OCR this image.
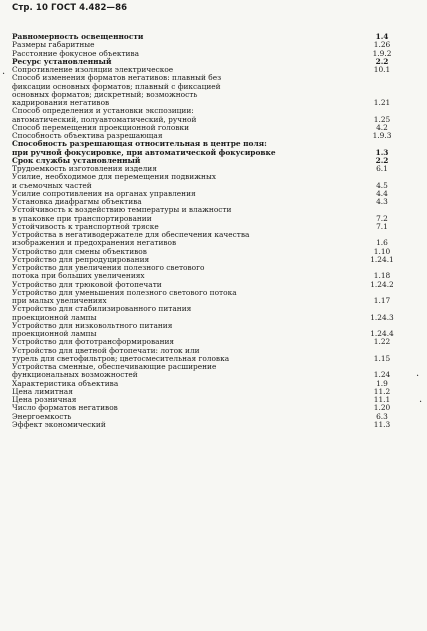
Стр. 10 ГОСТ 4.482—86
Равномерность освещенности	1.4
Размеры габаритные	1.26
Расстояние фокусное объектива	1.9.2
Ресурс установленный	2.2
Сопротивление изоляции электрическое	10.1
Способ изменения форматов негативов: плавный без
фиксации основных форматов; плавный с фиксацией
основных форматов; дискретный; возможность
кадрирования негативов	1.21
Способ определения и установки экспозиции:
автоматический, полуавтоматический, ручной	1.25
Способ перемещения проекционной головки	4.2
Способность объектива разрешающая	1.9.3
Способность разрешающая относительная в центре поля:
при ручной фокусировке, при автоматической фокусировке	1.3
Срок службы установленный	2.2
Трудоемкость изготовления изделия	6.1
Усилие, необходимое для перемещения подвижных
и съемочных частей	4.5
Усилие сопротивления на органах управления	4.4
Установка диафрагмы объектива	4.3
Устойчивость к воздействию температуры и влажности
в упаковке при транспортировании	7.2
Устойчивость к транспортной тряске	7.1
Устройства в негативодержателе для обеспечения качества
изображения и предохранения негативов	1.6
Устройство для смены объективов	1.10
Устройство для репродуцирования	1.24.1
Устройство для увеличения полезного светового
потока при больших увеличениях	1.18
Устройство для трюковой фотопечати	1.24.2
Устройство для уменьшения полезного светового потока
при малых увеличениях	1.17
Устройство для стабилизированного питания
проекционной лампы	1.24.3
Устройство для низковольтного питания
проекционной лампы	1.24.4
Устройство для фототрансформирования	1.22
Устройство для цветной фотопечати: лоток или
турель для светофильтров; цветосмесительная головка	1.15
Устройства сменные, обеспечивающие расширение
функциональных возможностей	1.24
Характеристика объектива	1.9
Цена лимитная	11.2
Цена розничная	11.1
Число форматов негативов	1.20
Энергоемкость	6.3
Эффект экономический	11.3
·
·
·
